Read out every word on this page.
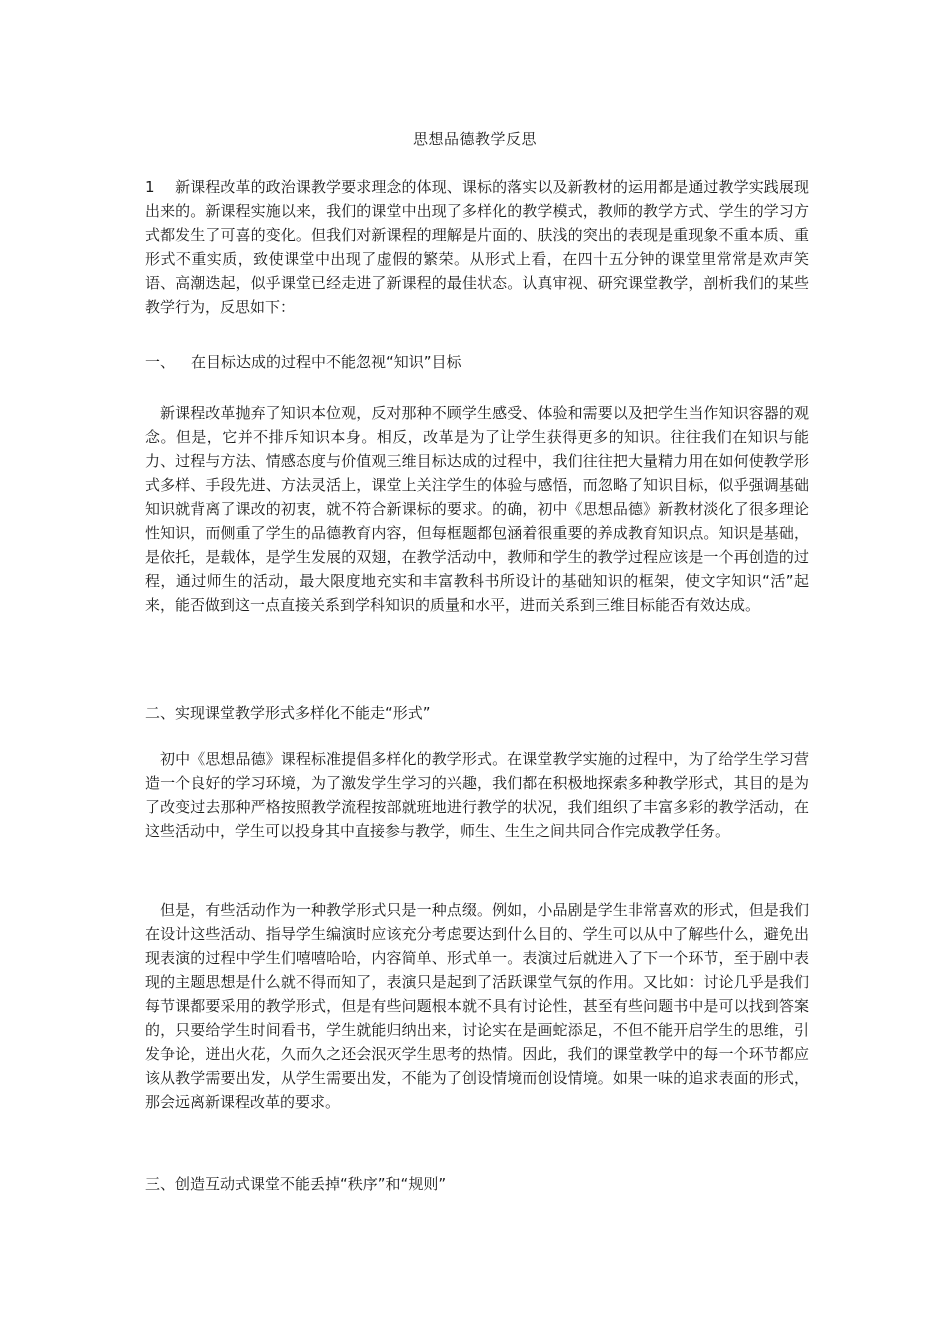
思想品德教学反思

1 新课程改革的政治课教学要求理念的体现、课标的落实以及新教材的运用都是通过教学实践展现出来的。新课程实施以来，我们的课堂中出现了多样化的教学模式，教师的教学方式、学生的学习方式都发生了可喜的变化。但我们对新课程的理解是片面的、肤浅的突出的表现是重现象不重本质、重形式不重实质，致使课堂中出现了虚假的繁荣。从形式上看，在四十五分钟的课堂里常常是欢声笑语、高潮迭起，似乎课堂已经走进了新课程的最佳状态。认真审视、研究课堂教学，剖析我们的某些教学行为，反思如下：

一、 在目标达成的过程中不能忽视“知识”目标

新课程改革抛弃了知识本位观，反对那种不顾学生感受、体验和需要以及把学生当作知识容器的观念。但是，它并不排斥知识本身。相反，改革是为了让学生获得更多的知识。往往我们在知识与能力、过程与方法、情感态度与价值观三维目标达成的过程中，我们往往把大量精力用在如何使教学形式多样、手段先进、方法灵活上，课堂上关注学生的体验与感悟，而忽略了知识目标，似乎强调基础知识就背离了课改的初衷，就不符合新课标的要求。的确，初中《思想品德》新教材淡化了很多理论性知识，而侧重了学生的品德教育内容，但每框题都包涵着很重要的养成教育知识点。知识是基础，是依托，是载体，是学生发展的双翅，在教学活动中，教师和学生的教学过程应该是一个再创造的过程，通过师生的活动，最大限度地充实和丰富教科书所设计的基础知识的框架，使文字知识“活”起来，能否做到这一点直接关系到学科知识的质量和水平，进而关系到三维目标能否有效达成。

二、实现课堂教学形式多样化不能走“形式”

初中《思想品德》课程标准提倡多样化的教学形式。在课堂教学实施的过程中，为了给学生学习营造一个良好的学习环境，为了激发学生学习的兴趣，我们都在积极地探索多种教学形式，其目的是为了改变过去那种严格按照教学流程按部就班地进行教学的状况，我们组织了丰富多彩的教学活动，在这些活动中，学生可以投身其中直接参与教学，师生、生生之间共同合作完成教学任务。

但是，有些活动作为一种教学形式只是一种点缀。例如，小品剧是学生非常喜欢的形式，但是我们在设计这些活动、指导学生编演时应该充分考虑要达到什么目的、学生可以从中了解些什么，避免出现表演的过程中学生们嘻嘻哈哈，内容简单、形式单一。表演过后就进入了下一个环节，至于剧中表现的主题思想是什么就不得而知了，表演只是起到了活跃课堂气氛的作用。又比如：讨论几乎是我们每节课都要采用的教学形式，但是有些问题根本就不具有讨论性，甚至有些问题书中是可以找到答案的，只要给学生时间看书，学生就能归纳出来，讨论实在是画蛇添足，不但不能开启学生的思维，引发争论，迸出火花，久而久之还会泯灭学生思考的热情。因此，我们的课堂教学中的每一个环节都应该从教学需要出发，从学生需要出发，不能为了创设情境而创设情境。如果一味的追求表面的形式，那会远离新课程改革的要求。

三、创造互动式课堂不能丢掉“秩序”和“规则”
